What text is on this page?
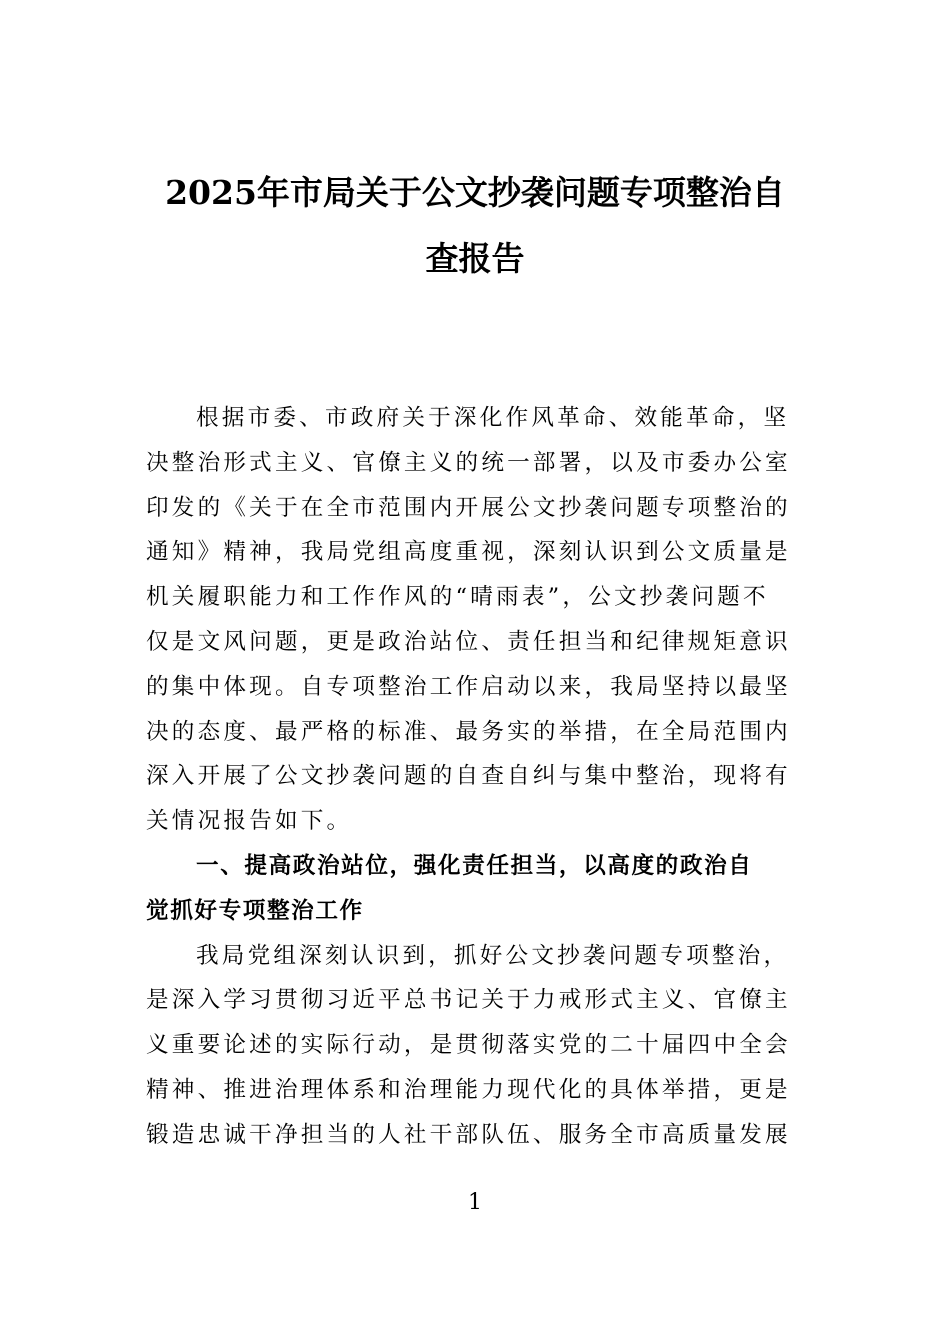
2025年市局关于公文抄袭问题专项整治自
查报告

根据市委、市政府关于深化作风革命、效能革命，坚
决整治形式主义、官僚主义的统一部署，以及市委办公室
印发的《关于在全市范围内开展公文抄袭问题专项整治的
通知》精神，我局党组高度重视，深刻认识到公文质量是
机关履职能力和工作作风的“晴雨表”，公文抄袭问题不
仅是文风问题，更是政治站位、责任担当和纪律规矩意识
的集中体现。自专项整治工作启动以来，我局坚持以最坚
决的态度、最严格的标准、最务实的举措，在全局范围内
深入开展了公文抄袭问题的自查自纠与集中整治，现将有
关情况报告如下。

一、提高政治站位，强化责任担当，以高度的政治自
觉抓好专项整治工作

我局党组深刻认识到，抓好公文抄袭问题专项整治，
是深入学习贯彻习近平总书记关于力戒形式主义、官僚主
义重要论述的实际行动，是贯彻落实党的二十届四中全会
精神、推进治理体系和治理能力现代化的具体举措，更是
锻造忠诚干净担当的人社干部队伍、服务全市高质量发展

1
